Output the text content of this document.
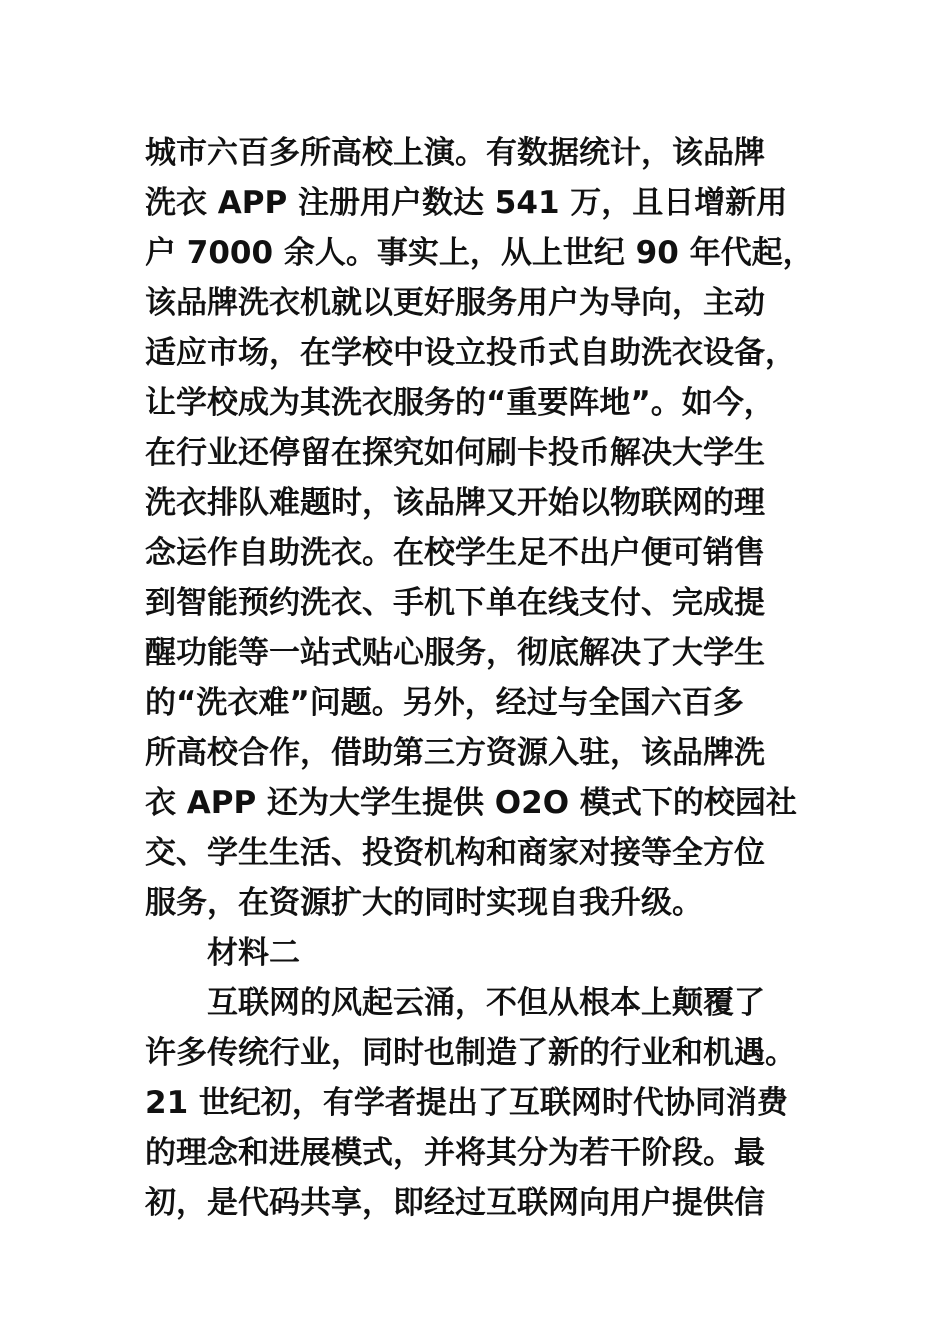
城市六百多所高校上演。有数据统计，该品牌
洗衣 APP 注册用户数达 541 万，且日增新用
户 7000 余人。事实上，从上世纪 90 年代起，
该品牌洗衣机就以更好服务用户为导向，主动
适应市场，在学校中设立投币式自助洗衣设备，
让学校成为其洗衣服务的“重要阵地”。如今，
在行业还停留在探究如何刷卡投币解决大学生
洗衣排队难题时，该品牌又开始以物联网的理
念运作自助洗衣。在校学生足不出户便可销售
到智能预约洗衣、手机下单在线支付、完成提
醒功能等一站式贴心服务，彻底解决了大学生
的“洗衣难”问题。另外，经过与全国六百多
所高校合作，借助第三方资源入驻，该品牌洗
衣 APP 还为大学生提供 O2O 模式下的校园社
交、学生生活、投资机构和商家对接等全方位
服务，在资源扩大的同时实现自我升级。
材料二
互联网的风起云涌，不但从根本上颠覆了
许多传统行业，同时也制造了新的行业和机遇。
21 世纪初，有学者提出了互联网时代协同消费
的理念和进展模式，并将其分为若干阶段。最
初，是代码共享，即经过互联网向用户提供信
